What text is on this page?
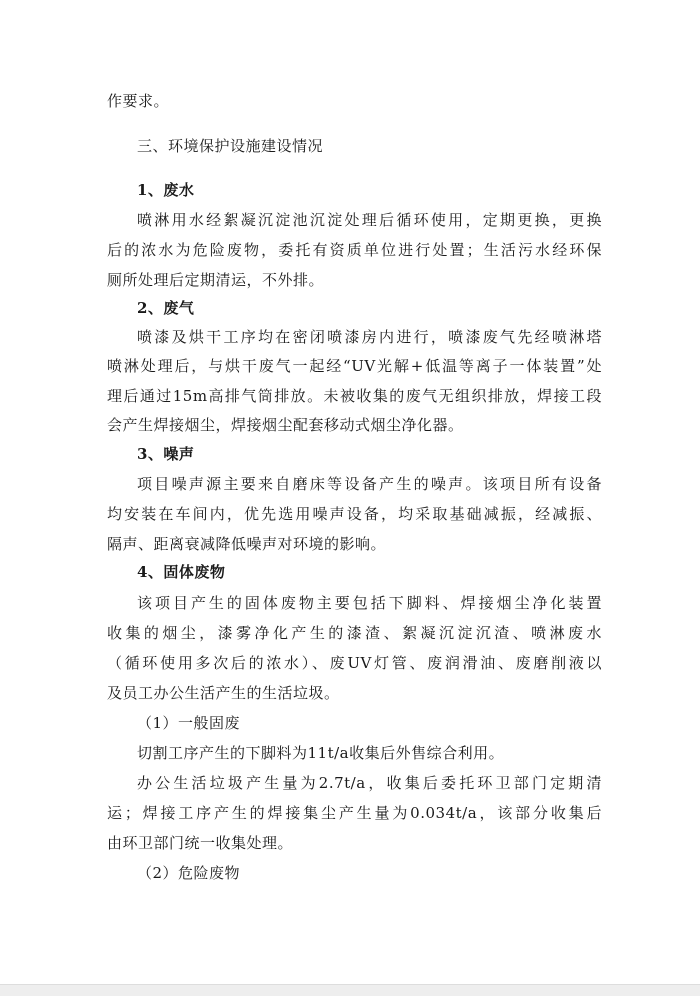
作要求。
三、环境保护设施建设情况
1、废水
喷淋用水经絮凝沉淀池沉淀处理后循环使用，定期更换，更换
后的浓水为危险废物，委托有资质单位进行处置；生活污水经环保
厕所处理后定期清运，不外排。
2、废气
喷漆及烘干工序均在密闭喷漆房内进行，喷漆废气先经喷淋塔
喷淋处理后，与烘干废气一起经“UV光解+低温等离子一体装置”处
理后通过15m高排气筒排放。未被收集的废气无组织排放，焊接工段
会产生焊接烟尘，焊接烟尘配套移动式烟尘净化器。
3、噪声
项目噪声源主要来自磨床等设备产生的噪声。该项目所有设备
均安装在车间内，优先选用噪声设备，均采取基础减振，经减振、
隔声、距离衰减降低噪声对环境的影响。
4、固体废物
该项目产生的固体废物主要包括下脚料、焊接烟尘净化装置
收集的烟尘，漆雾净化产生的漆渣、絮凝沉淀沉渣、喷淋废水
（循环使用多次后的浓水）、废UV灯管、废润滑油、废磨削液以
及员工办公生活产生的生活垃圾。
（1）一般固废
切割工序产生的下脚料为11t/a收集后外售综合利用。
办公生活垃圾产生量为2.7t/a，收集后委托环卫部门定期清
运；焊接工序产生的焊接集尘产生量为0.034t/a，该部分收集后
由环卫部门统一收集处理。
（2）危险废物
